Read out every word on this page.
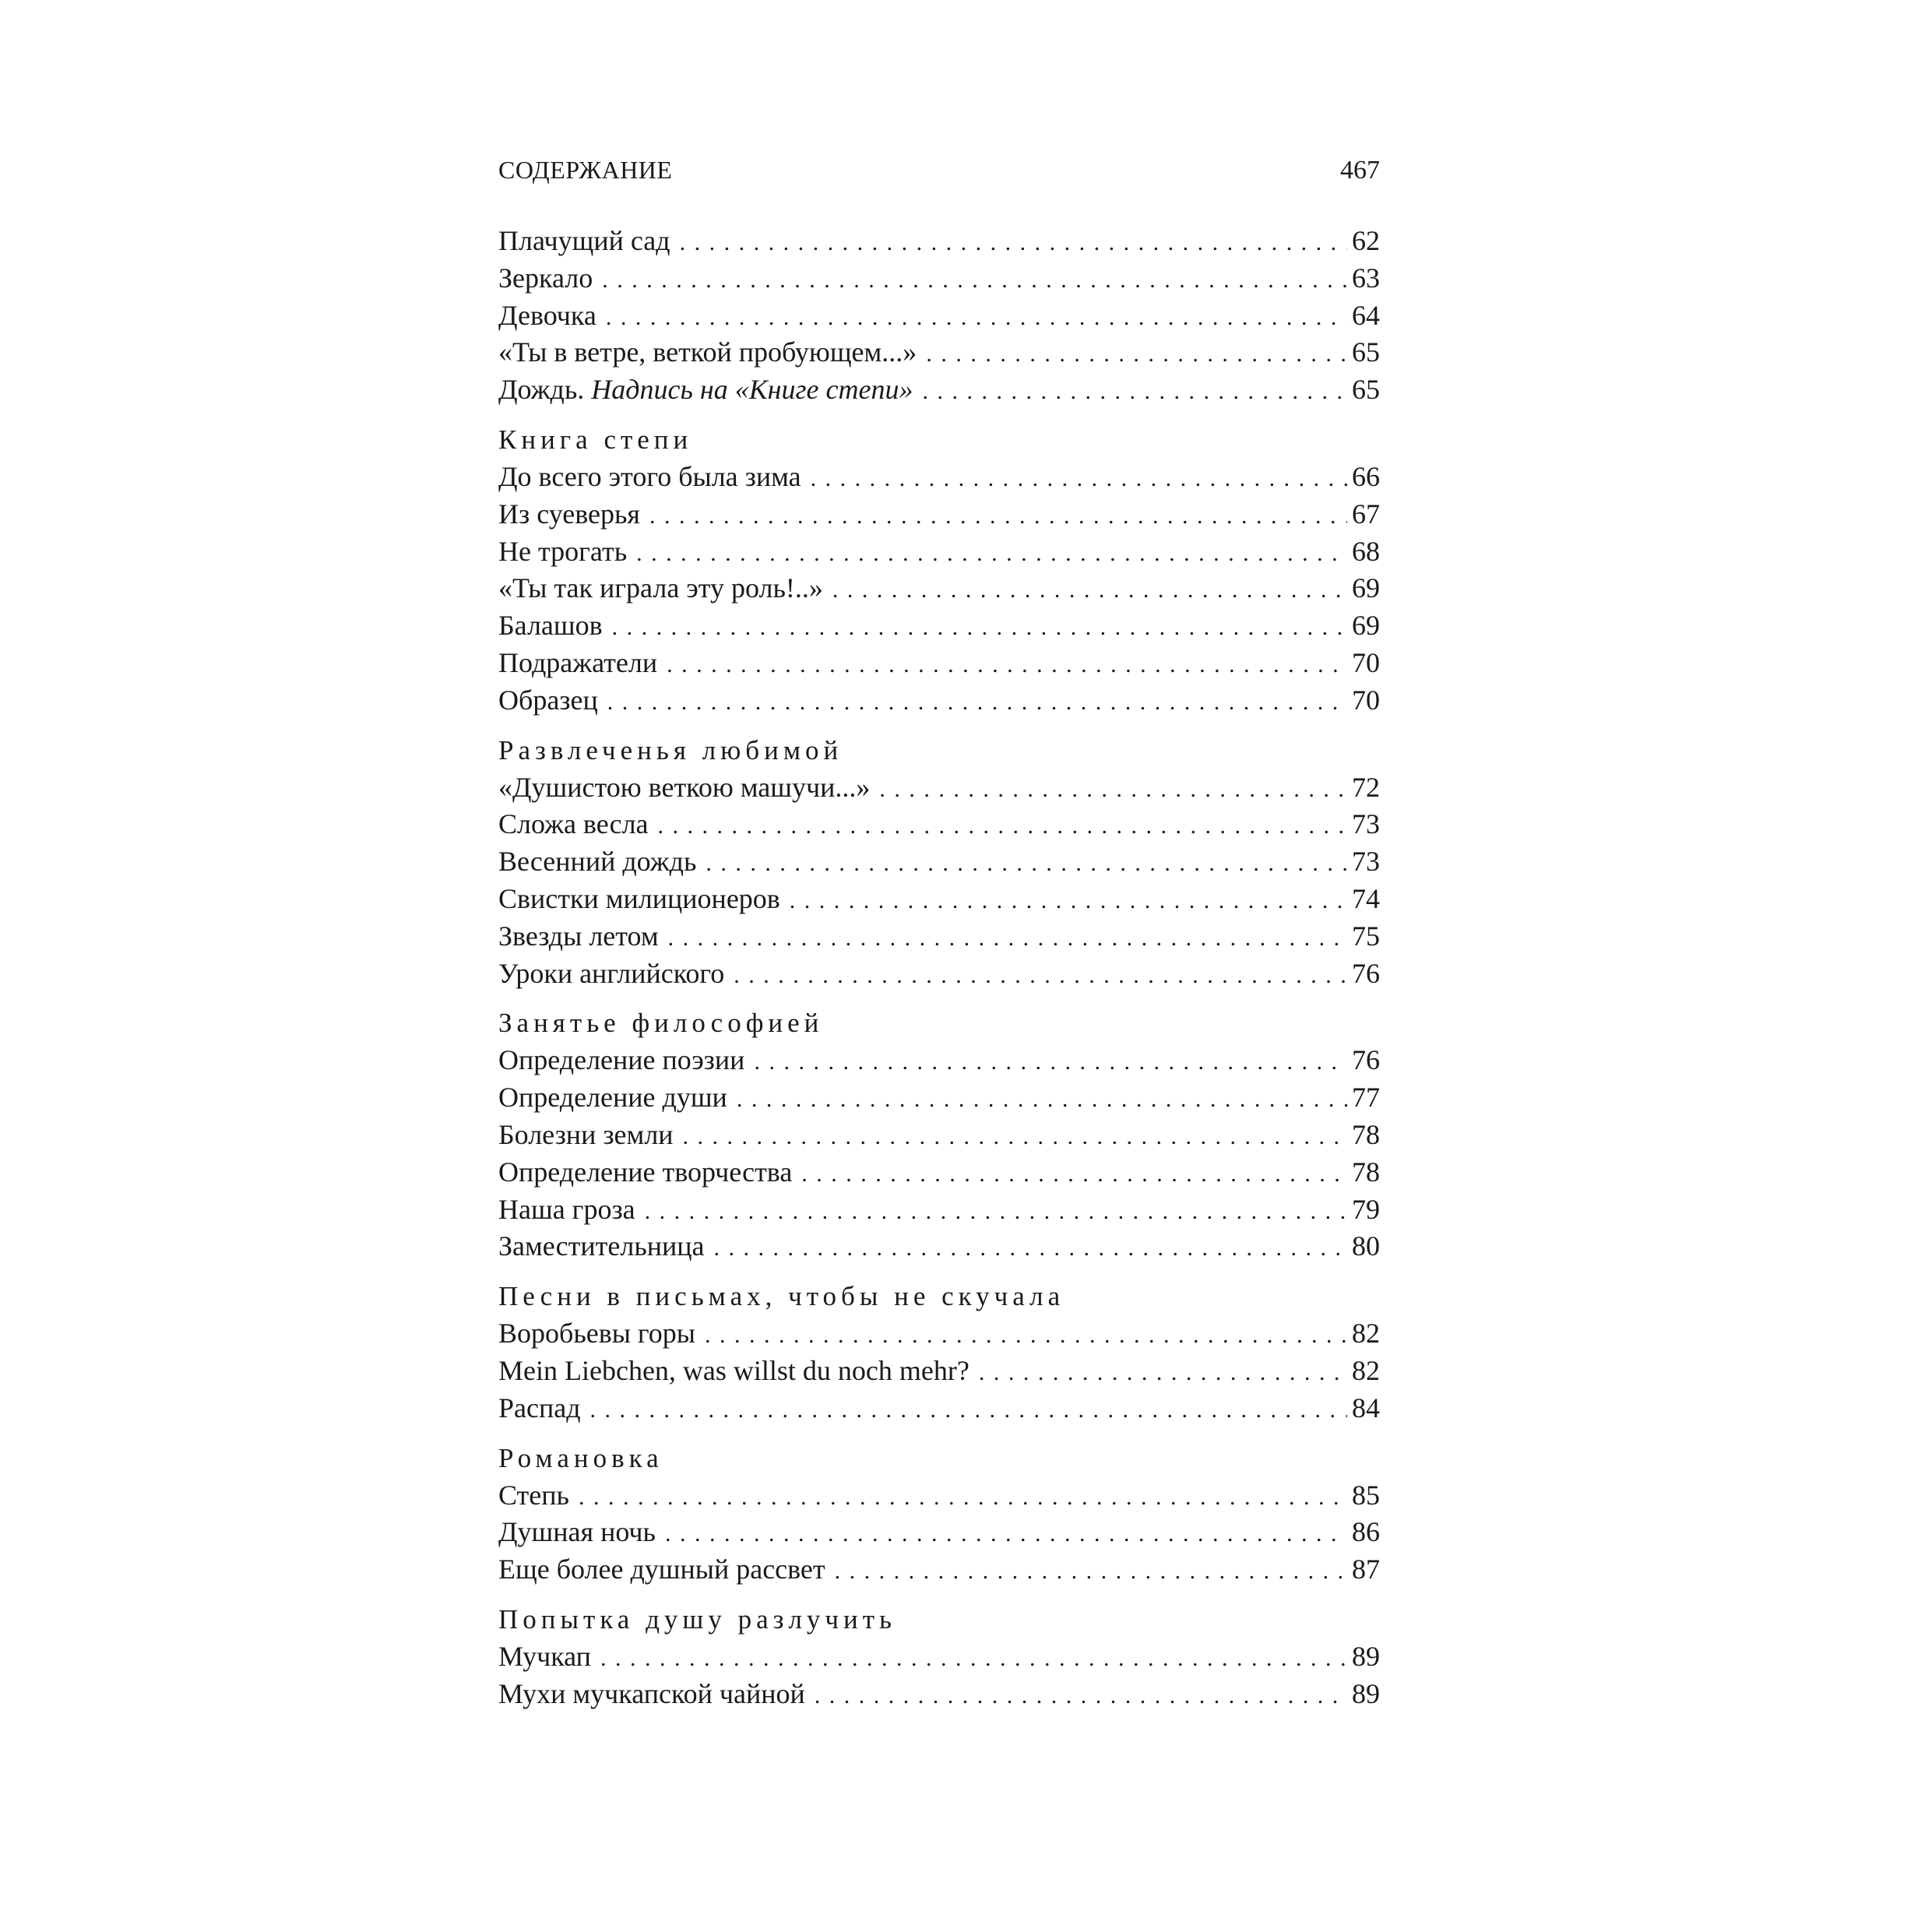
СОДЕРЖАНИЕ	467
Плачущий сад . . .	62
Зеркало . . .	63
Девочка . . .	64
«Ты в ветре, веткой пробующем...» . . .	65
Дождь. Надпись на «Книге степи» . . .	65
Книга степи
До всего этого была зима . . .	66
Из суеверья . . .	67
Не трогать . . .	68
«Ты так играла эту роль!..» . . .	69
Балашов . . .	69
Подражатели . . .	70
Образец . . .	70
Развлеченья любимой
«Душистою веткою машучи...» . . .	72
Сложа весла . . .	73
Весенний дождь . . .	73
Свистки милиционеров . . .	74
Звезды летом . . .	75
Уроки английского . . .	76
Занятье философией
Определение поэзии . . .	76
Определение души . . .	77
Болезни земли . . .	78
Определение творчества . . .	78
Наша гроза . . .	79
Заместительница . . .	80
Песни в письмах, чтобы не скучала
Воробьевы горы . . .	82
Mein Liebchen, was willst du noch mehr? . . .	82
Распад . . .	84
Романовка
Степь . . .	85
Душная ночь . . .	86
Еще более душный рассвет . . .	87
Попытка душу разлучить
Мучкап . . .	89
Мухи мучкапской чайной . . .	89
